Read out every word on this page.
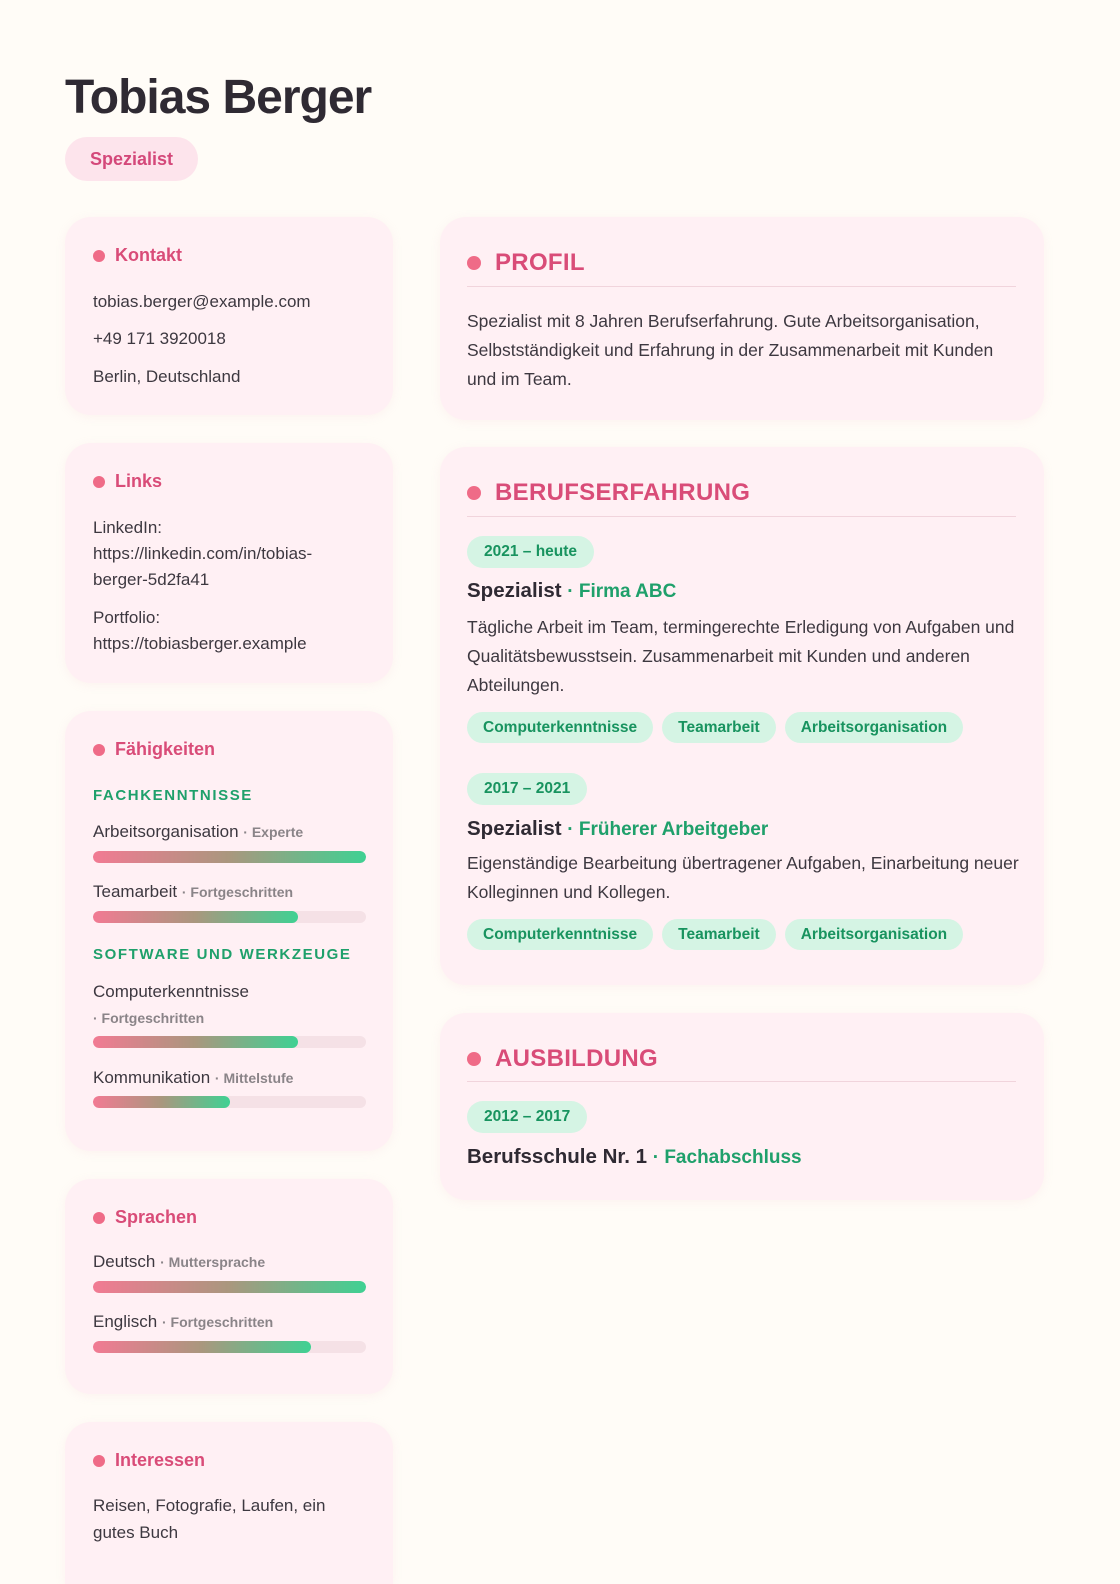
Tobias Berger
Spezialist
Kontakt
tobias.berger@example.com
+49 171 3920018
Berlin, Deutschland
Links
LinkedIn:
https://linkedin.com/in/tobias-
berger-5d2fa41
Portfolio:
https://tobiasberger.example
Fähigkeiten
FACHKENNTNISSE
Arbeitsorganisation · Experte
Teamarbeit · Fortgeschritten
SOFTWARE UND WERKZEUGE
Computerkenntnisse
· Fortgeschritten
Kommunikation · Mittelstufe
Sprachen
Deutsch · Muttersprache
Englisch · Fortgeschritten
Interessen
Reisen, Fotografie, Laufen, ein
gutes Buch
PROFIL
Spezialist mit 8 Jahren Berufserfahrung. Gute Arbeitsorganisation, Selbstständigkeit und Erfahrung in der Zusammenarbeit mit Kunden und im Team.
BERUFSERFAHRUNG
2021 – heute
Spezialist · Firma ABC
Tägliche Arbeit im Team, termingerechte Erledigung von Aufgaben und Qualitätsbewusstsein. Zusammenarbeit mit Kunden und anderen Abteilungen.
Computerkenntnisse	Teamarbeit	Arbeitsorganisation
2017 – 2021
Spezialist · Früherer Arbeitgeber
Eigenständige Bearbeitung übertragener Aufgaben, Einarbeitung neuer Kolleginnen und Kollegen.
Computerkenntnisse	Teamarbeit	Arbeitsorganisation
AUSBILDUNG
2012 – 2017
Berufsschule Nr. 1 · Fachabschluss
